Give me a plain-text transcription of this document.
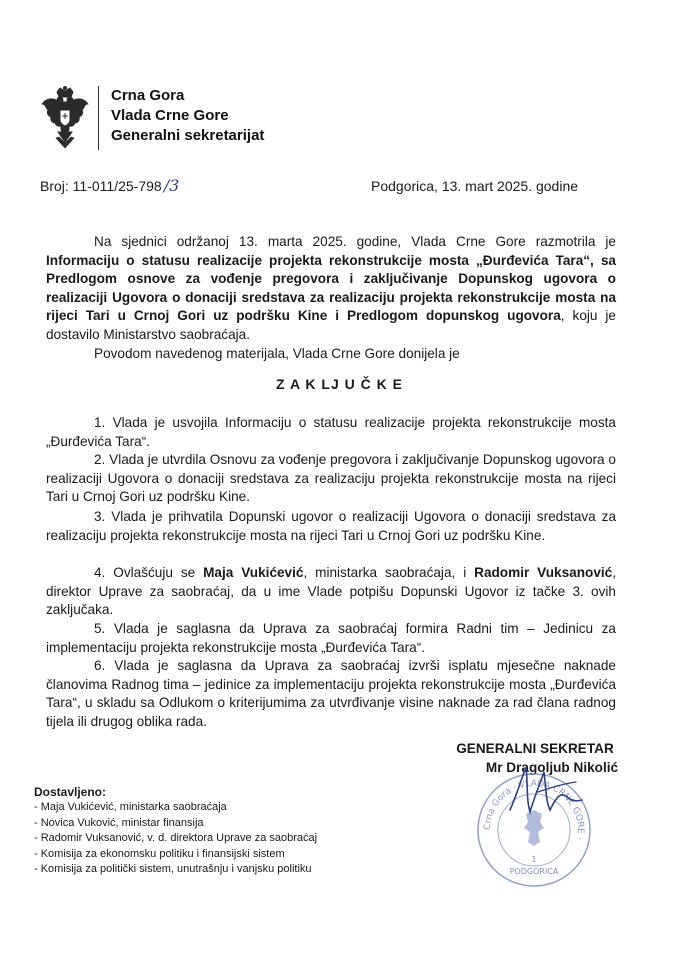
Crna Gora
Vlada Crne Gore
Generalni sekretarijat
Broj: 11-011/25-798 /3	Podgorica, 13. mart 2025. godine
Na sjednici održanoj 13. marta 2025. godine, Vlada Crne Gore razmotrila je Informaciju o statusu realizacije projekta rekonstrukcije mosta „Đurđevića Tara“, sa Predlogom osnove za vođenje pregovora i zaključivanje Dopunskog ugovora o realizaciji Ugovora o donaciji sredstava za realizaciju projekta rekonstrukcije mosta na rijeci Tari u Crnoj Gori uz podršku Kine i Predlogom dopunskog ugovora, koju je dostavilo Ministarstvo saobraćaja.
Povodom navedenog materijala, Vlada Crne Gore donijela je
Z A K LJ U Č K E
1. Vlada je usvojila Informaciju o statusu realizacije projekta rekonstrukcije mosta „Đurđevića Tara“.
2. Vlada je utvrdila Osnovu za vođenje pregovora i zaključivanje Dopunskog ugovora o realizaciji Ugovora o donaciji sredstava za realizaciju projekta rekonstrukcije mosta na rijeci Tari u Crnoj Gori uz podršku Kine.
3. Vlada je prihvatila Dopunski ugovor o realizaciji Ugovora o donaciji sredstava za realizaciju projekta rekonstrukcije mosta na rijeci Tari u Crnoj Gori uz podršku Kine.
4. Ovlašćuju se Maja Vukićević, ministarka saobraćaja, i Radomir Vuksanović, direktor Uprave za saobraćaj, da u ime Vlade potpišu Dopunski Ugovor iz tačke 3. ovih zaključaka.
5. Vlada je saglasna da Uprava za saobraćaj formira Radni tim – Jedinicu za implementaciju projekta rekonstrukcije mosta „Đurđevića Tara“.
6. Vlada je saglasna da Uprava za saobraćaj izvrši isplatu mjesečne naknade članovima Radnog tima – jedinice za implementaciju projekta rekonstrukcije mosta „Đurđevića Tara“, u skladu sa Odlukom o kriterijumima za utvrđivanje visine naknade za rad člana radnog tijela ili drugog oblika rada.
GENERALNI SEKRETAR
Mr Dragoljub Nikolić
Crna Gora · VLADA CRNE GORE ·
1
PODGORICA
Dostavljeno:
- Maja Vukićević, ministarka saobraćaja
- Novica Vuković, ministar finansija
- Radomir Vuksanović, v. d. direktora Uprave za saobraćaj
- Komisija za ekonomsku politiku i finansijski sistem
- Komisija za politički sistem, unutrašnju i vanjsku politiku
